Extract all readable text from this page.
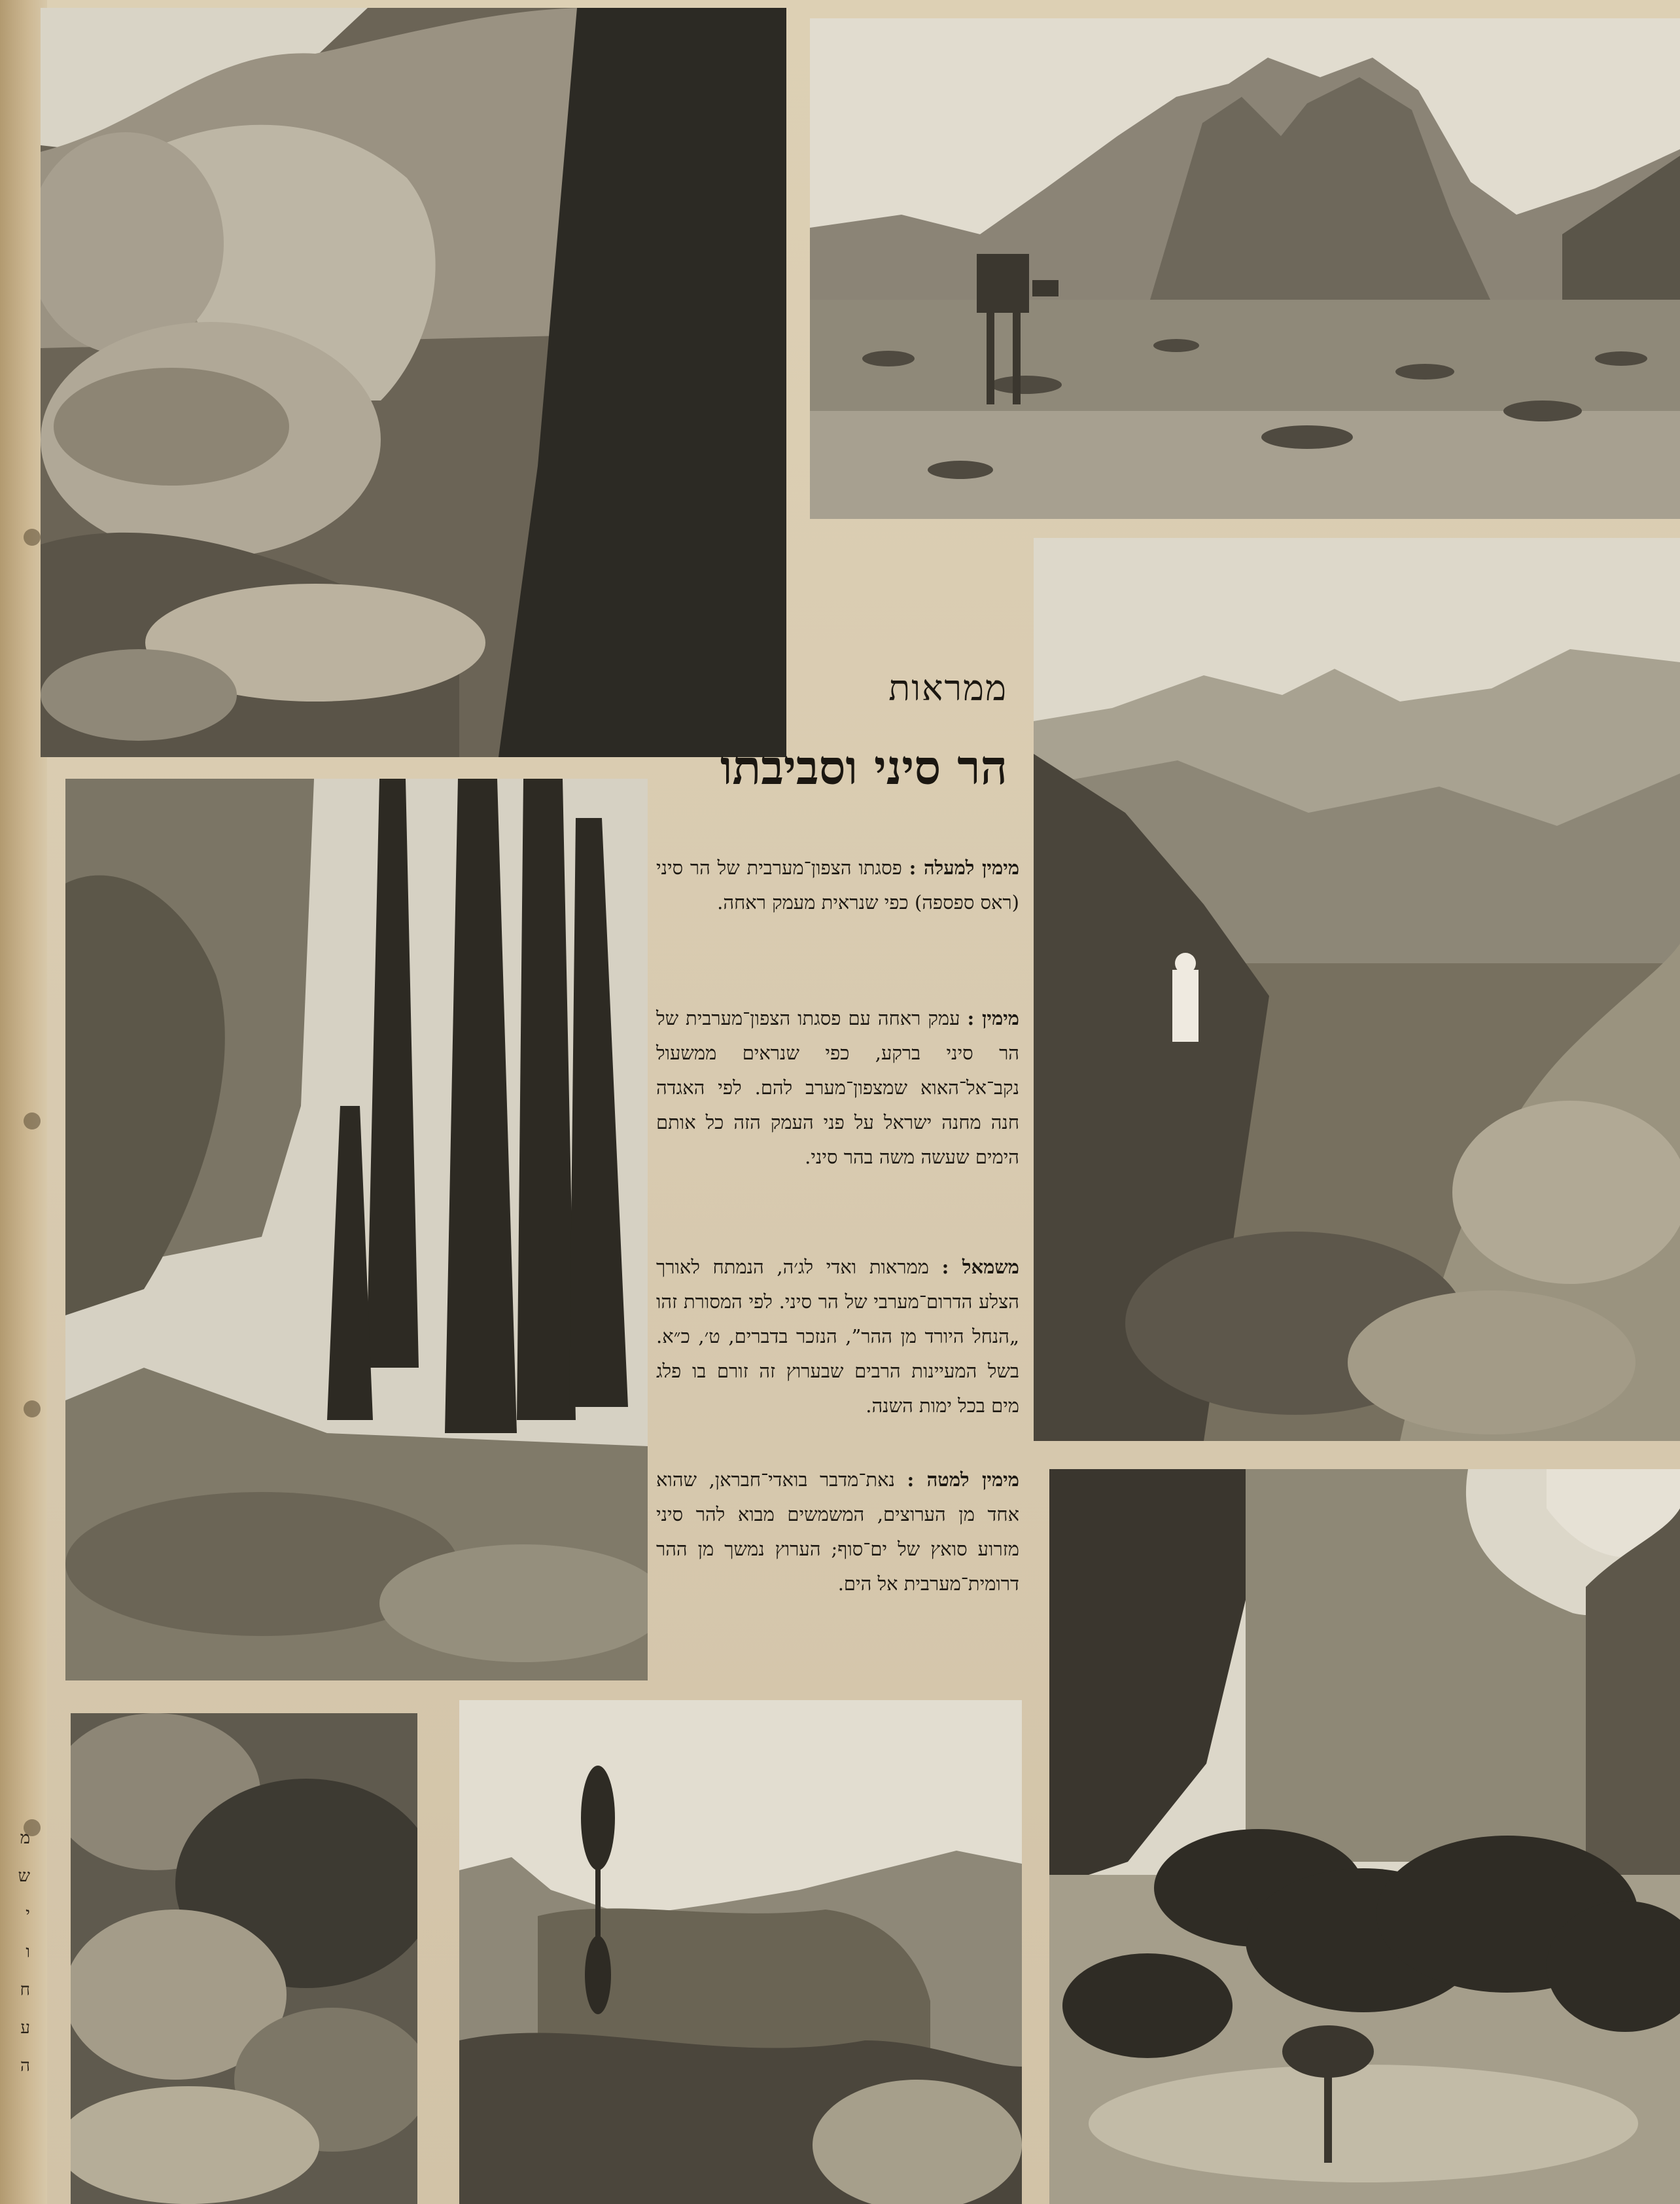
ממראות
הר סיני וסביבתו
מימין למעלה : פסגתו הצפון־מערבית של הר סיני (ראס ספספה) כפי שנראית מעמק ראחה.
מימין : עמק ראחה עם פסגתו הצפון־מערבית של הר סיני ברקע, כפי שנראים ממשעול נקב־אל־האוא שמצפון־מערב להם. לפי האגדה חנה מחנה ישראל על פני העמק הזה כל אותם הימים שעשה משה בהר סיני.
משמאל : ממראות ואדי לג׳ה, הנמתח לאורך הצלע הדרום־מערבי של הר סיני. לפי המסורת זהו „הנחל היורד מן ההר”, הנזכר בדברים, ט׳, כ״א. בשל המעיינות הרבים שבערוץ זה זורם בו פלג מים בכל ימות השנה.
מימין למטה : נאת־מדבר בואדי־חבראן, שהוא אחד מן הערוצים, המשמשים מבוא להר סיני מזרוע סואץ של ים־סוף; הערוץ נמשך מן ההר דרומית־מערבית אל הים.
מ
ש
י
ו
ח
ע
ה
